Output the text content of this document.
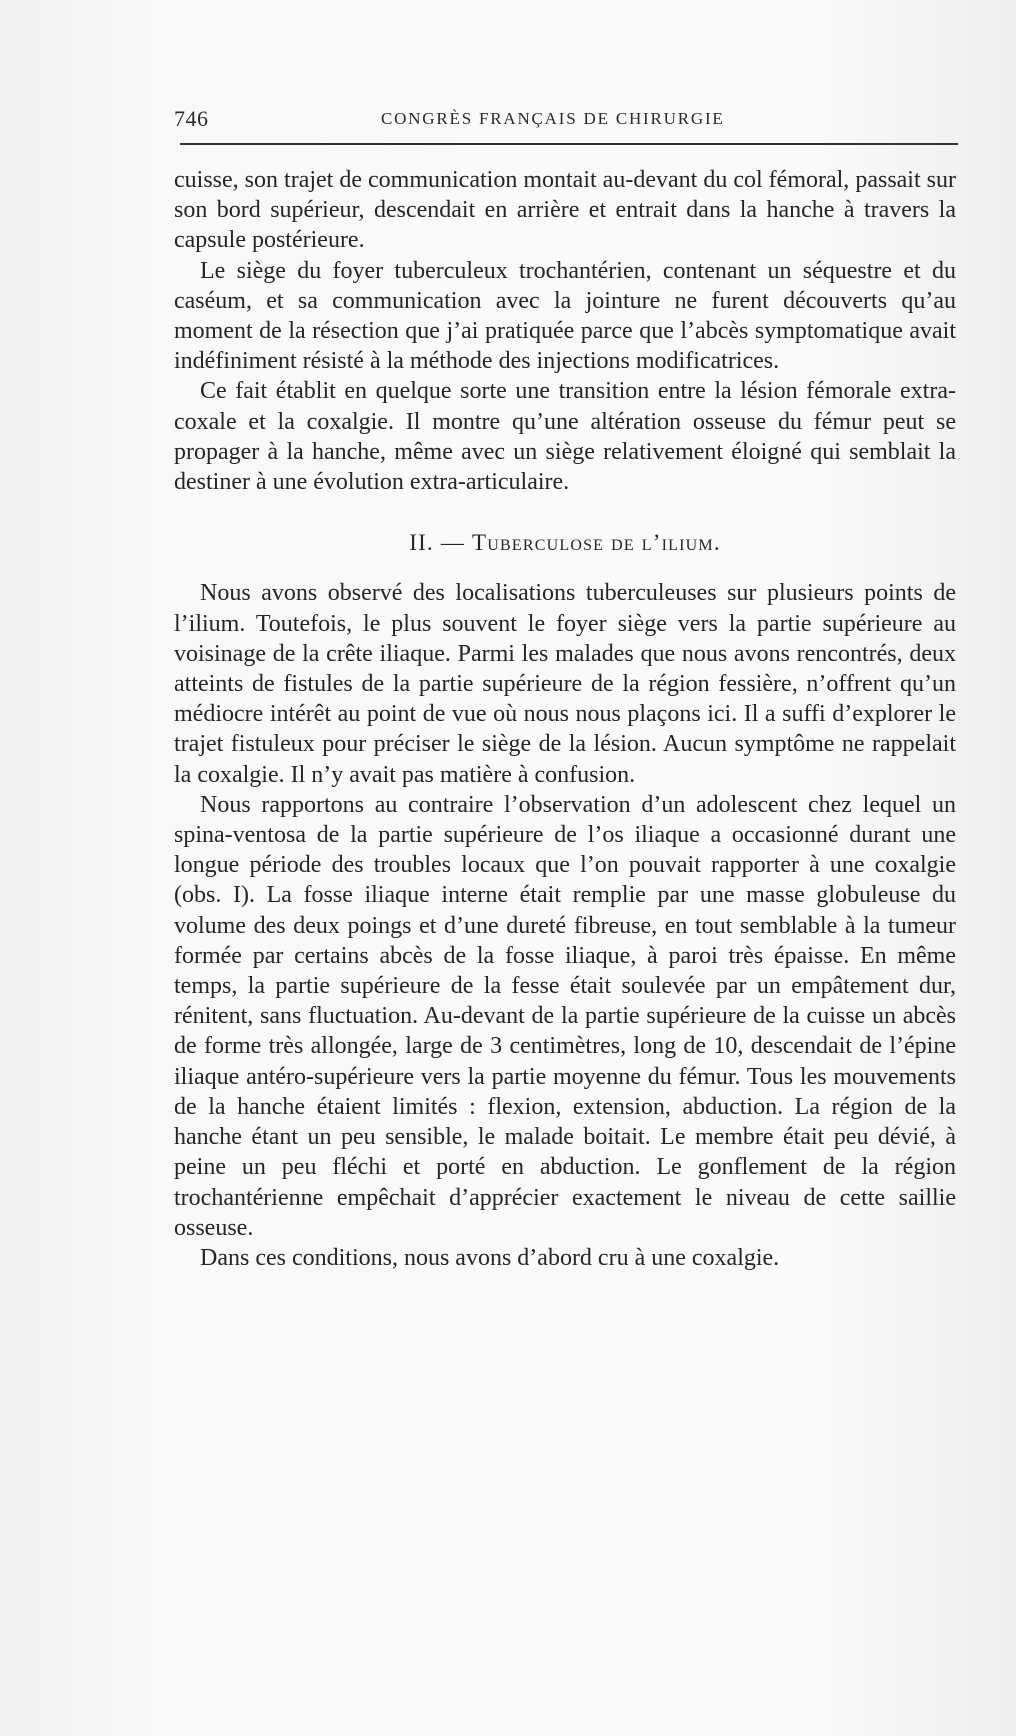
746	CONGRÈS FRANÇAIS DE CHIRURGIE

cuisse, son trajet de communication montait au-devant du col fémoral, passait sur son bord supérieur, descendait en arrière et entrait dans la hanche à travers la capsule postérieure.

Le siège du foyer tuberculeux trochantérien, contenant un séquestre et du caséum, et sa communication avec la jointure ne furent découverts qu’au moment de la résection que j’ai pratiquée parce que l’abcès symptomatique avait indéfiniment résisté à la méthode des injections modificatrices.

Ce fait établit en quelque sorte une transition entre la lésion fémorale extra-coxale et la coxalgie. Il montre qu’une altération osseuse du fémur peut se propager à la hanche, même avec un siège relativement éloigné qui semblait la destiner à une évolution extra-articulaire.

II. — Tuberculose de l’ilium.

Nous avons observé des localisations tuberculeuses sur plusieurs points de l’ilium. Toutefois, le plus souvent le foyer siège vers la partie supérieure au voisinage de la crête iliaque. Parmi les malades que nous avons rencontrés, deux atteints de fistules de la partie supérieure de la région fessière, n’offrent qu’un médiocre intérêt au point de vue où nous nous plaçons ici. Il a suffi d’explorer le trajet fistuleux pour préciser le siège de la lésion. Aucun symptôme ne rappelait la coxalgie. Il n’y avait pas matière à confusion.

Nous rapportons au contraire l’observation d’un adolescent chez lequel un spina-ventosa de la partie supérieure de l’os iliaque a occasionné durant une longue période des troubles locaux que l’on pouvait rapporter à une coxalgie (obs. I). La fosse iliaque interne était remplie par une masse globuleuse du volume des deux poings et d’une dureté fibreuse, en tout semblable à la tumeur formée par certains abcès de la fosse iliaque, à paroi très épaisse. En même temps, la partie supérieure de la fesse était soulevée par un empâtement dur, rénitent, sans fluctuation. Au-devant de la partie supérieure de la cuisse un abcès de forme très allongée, large de 3 centimètres, long de 10, descendait de l’épine iliaque antéro-supérieure vers la partie moyenne du fémur. Tous les mouvements de la hanche étaient limités : flexion, extension, abduction. La région de la hanche étant un peu sensible, le malade boitait. Le membre était peu dévié, à peine un peu fléchi et porté en abduction. Le gonflement de la région trochantérienne empêchait d’apprécier exactement le niveau de cette saillie osseuse.

Dans ces conditions, nous avons d’abord cru à une coxalgie.
